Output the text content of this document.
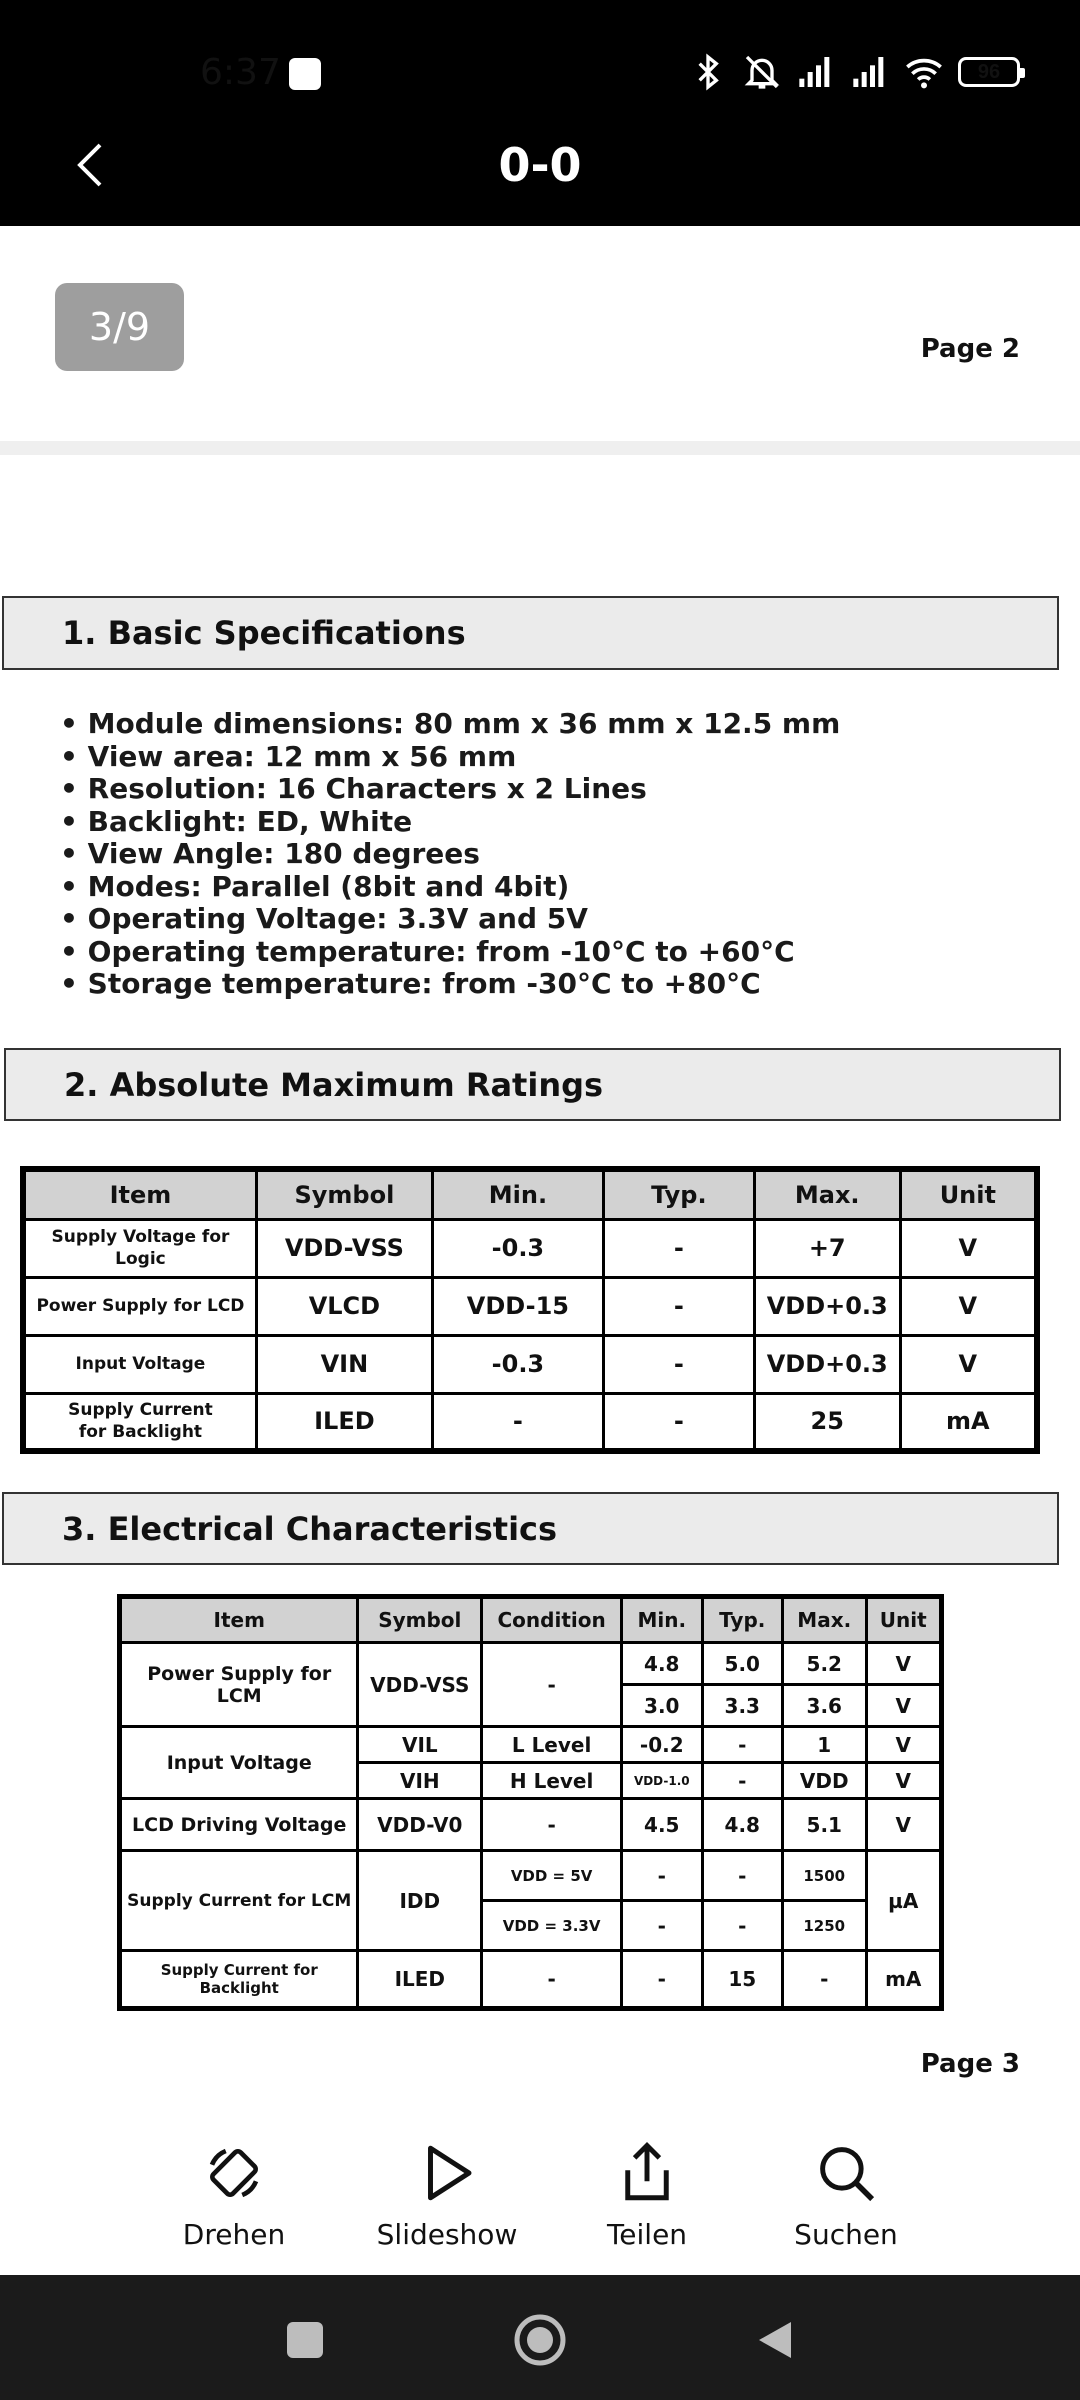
6:37	96
0-0
3/9	Page 2
1. Basic Specifications
• Module dimensions: 80 mm x 36 mm x 12.5 mm
• View area: 12 mm x 56 mm
• Resolution: 16 Characters x 2 Lines
• Backlight: ED, White
• View Angle: 180 degrees
• Modes: Parallel (8bit and 4bit)
• Operating Voltage: 3.3V and 5V
• Operating temperature: from -10°C to +60°C
• Storage temperature: from -30°C to +80°C
2. Absolute Maximum Ratings
Item	Symbol	Min.	Typ.	Max.	Unit
Supply Voltage for Logic	VDD-VSS	-0.3	-	+7	V
Power Supply for LCD	VLCD	VDD-15	-	VDD+0.3	V
Input Voltage	VIN	-0.3	-	VDD+0.3	V
Supply Current for Backlight	ILED	-	-	25	mA
3. Electrical Characteristics
Item	Symbol	Condition	Min.	Typ.	Max.	Unit
Power Supply for LCM	VDD-VSS	-	4.8	5.0	5.2	V
			3.0	3.3	3.6	V
Input Voltage	VIL	L Level	-0.2	-	1	V
	VIH	H Level	VDD-1.0	-	VDD	V
LCD Driving Voltage	VDD-V0	-	4.5	4.8	5.1	V
Supply Current for LCM	IDD	VDD = 5V	-	-	1500	µA
		VDD = 3.3V	-	-	1250	
Supply Current for Backlight	ILED	-	-	15	-	mA
Page 3
Drehen	Slideshow	Teilen	Suchen
